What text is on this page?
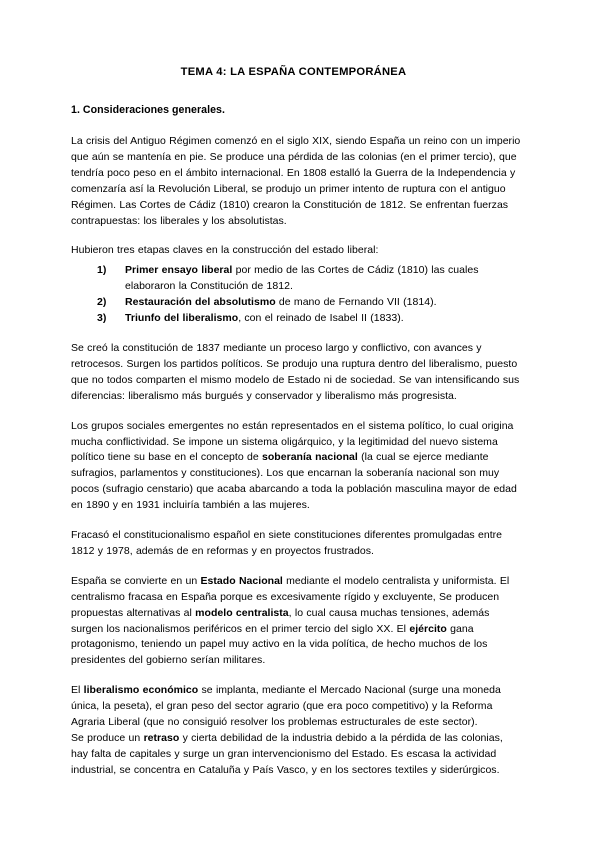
TEMA 4: LA ESPAÑA CONTEMPORÁNEA
1. Consideraciones generales.

La crisis del Antiguo Régimen comenzó en el siglo XIX, siendo España un reino con un imperio que aún se mantenía en pie. Se produce una pérdida de las colonias (en el primer tercio), que tendría poco peso en el ámbito internacional. En 1808 estalló la Guerra de la Independencia y comenzaría así la Revolución Liberal, se produjo un primer intento de ruptura con el antiguo Régimen. Las Cortes de Cádiz (1810) crearon la Constitución de 1812. Se enfrentan fuerzas contrapuestas: los liberales y los absolutistas.

Hubieron tres etapas claves en la construcción del estado liberal:

Primer ensayo liberal por medio de las Cortes de Cádiz (1810) las cuales elaboraron la Constitución de 1812.
Restauración del absolutismo de mano de Fernando VII (1814).
Triunfo del liberalismo, con el reinado de Isabel II (1833).

Se creó la constitución de 1837 mediante un proceso largo y conflictivo, con avances y retrocesos. Surgen los partidos políticos. Se produjo una ruptura dentro del liberalismo, puesto que no todos comparten el mismo modelo de Estado ni de sociedad. Se van intensificando sus diferencias: liberalismo más burgués y conservador y liberalismo más progresista.

Los grupos sociales emergentes no están representados en el sistema político, lo cual origina mucha conflictividad. Se impone un sistema oligárquico, y la legitimidad del nuevo sistema político tiene su base en el concepto de soberanía nacional (la cual se ejerce mediante sufragios, parlamentos y constituciones). Los que encarnan la soberanía nacional son muy pocos (sufragio censtario) que acaba abarcando a toda la población masculina mayor de edad en 1890 y en 1931 incluiría también a las mujeres.

Fracasó el constitucionalismo español en siete constituciones diferentes promulgadas entre 1812 y 1978, además de en reformas y en proyectos frustrados.

España se convierte en un Estado Nacional mediante el modelo centralista y uniformista. El centralismo fracasa en España porque es excesivamente rígido y excluyente, Se producen propuestas alternativas al modelo centralista, lo cual causa muchas tensiones, además surgen los nacionalismos periféricos en el primer tercio del siglo XX. El ejército gana protagonismo, teniendo un papel muy activo en la vida política, de hecho muchos de los presidentes del gobierno serían militares.

El liberalismo económico se implanta, mediante el Mercado Nacional (surge una moneda única, la peseta), el gran peso del sector agrario (que era poco competitivo) y la Reforma Agraria Liberal (que no consiguió resolver los problemas estructurales de este sector).
Se produce un retraso y cierta debilidad de la industria debido a la pérdida de las colonias, hay falta de capitales y surge un gran intervencionismo del Estado. Es escasa la actividad industrial, se concentra en Cataluña y País Vasco, y en los sectores textiles y siderúrgicos.
